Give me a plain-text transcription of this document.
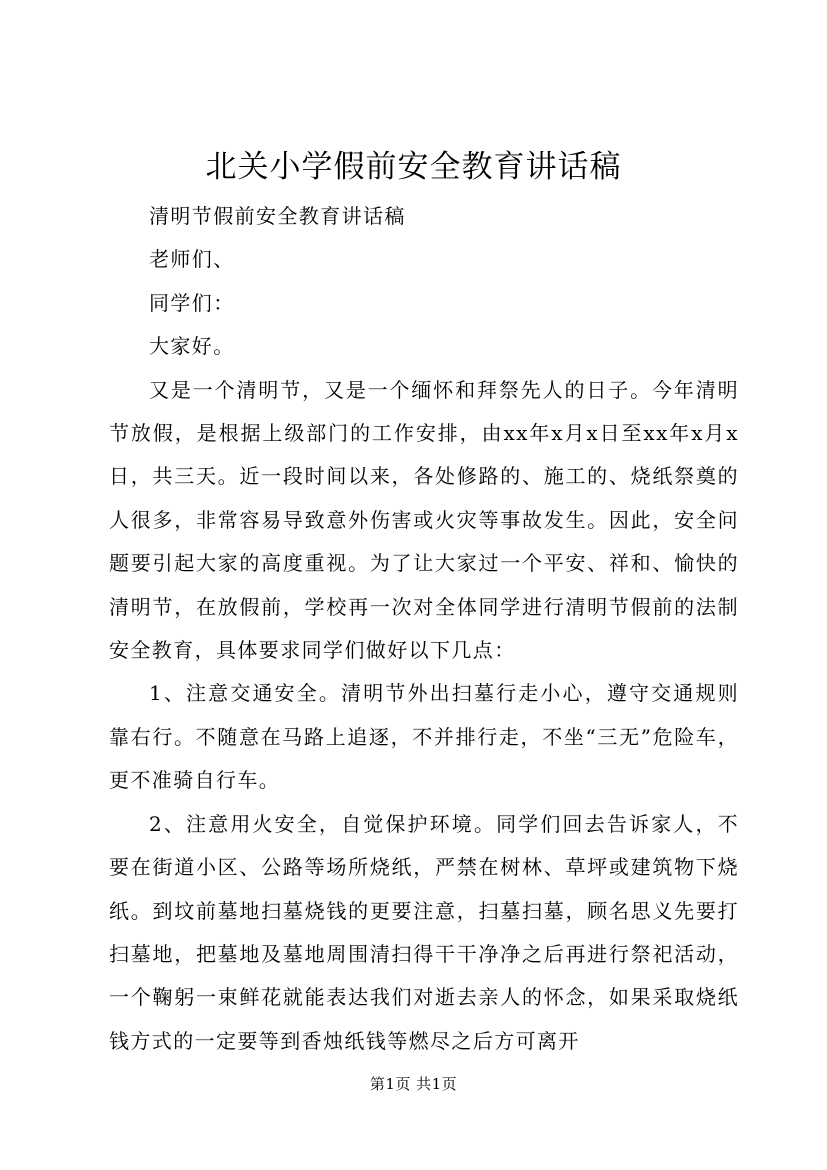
北关小学假前安全教育讲话稿

清明节假前安全教育讲话稿

老师们、

同学们：

大家好。

又是一个清明节，又是一个缅怀和拜祭先人的日子。今年清明节放假，是根据上级部门的工作安排，由xx年x月x日至xx年x月x日，共三天。近一段时间以来，各处修路的、施工的、烧纸祭奠的人很多，非常容易导致意外伤害或火灾等事故发生。因此，安全问题要引起大家的高度重视。为了让大家过一个平安、祥和、愉快的清明节，在放假前，学校再一次对全体同学进行清明节假前的法制安全教育，具体要求同学们做好以下几点：

1、注意交通安全。清明节外出扫墓行走小心，遵守交通规则靠右行。不随意在马路上追逐，不并排行走，不坐“三无”危险车，更不准骑自行车。

2、注意用火安全，自觉保护环境。同学们回去告诉家人，不要在街道小区、公路等场所烧纸，严禁在树林、草坪或建筑物下烧纸。到坟前墓地扫墓烧钱的更要注意，扫墓扫墓，顾名思义先要打扫墓地，把墓地及墓地周围清扫得干干净净之后再进行祭祀活动，一个鞠躬一束鲜花就能表达我们对逝去亲人的怀念，如果采取烧纸钱方式的一定要等到香烛纸钱等燃尽之后方可离开

第1页 共1页
